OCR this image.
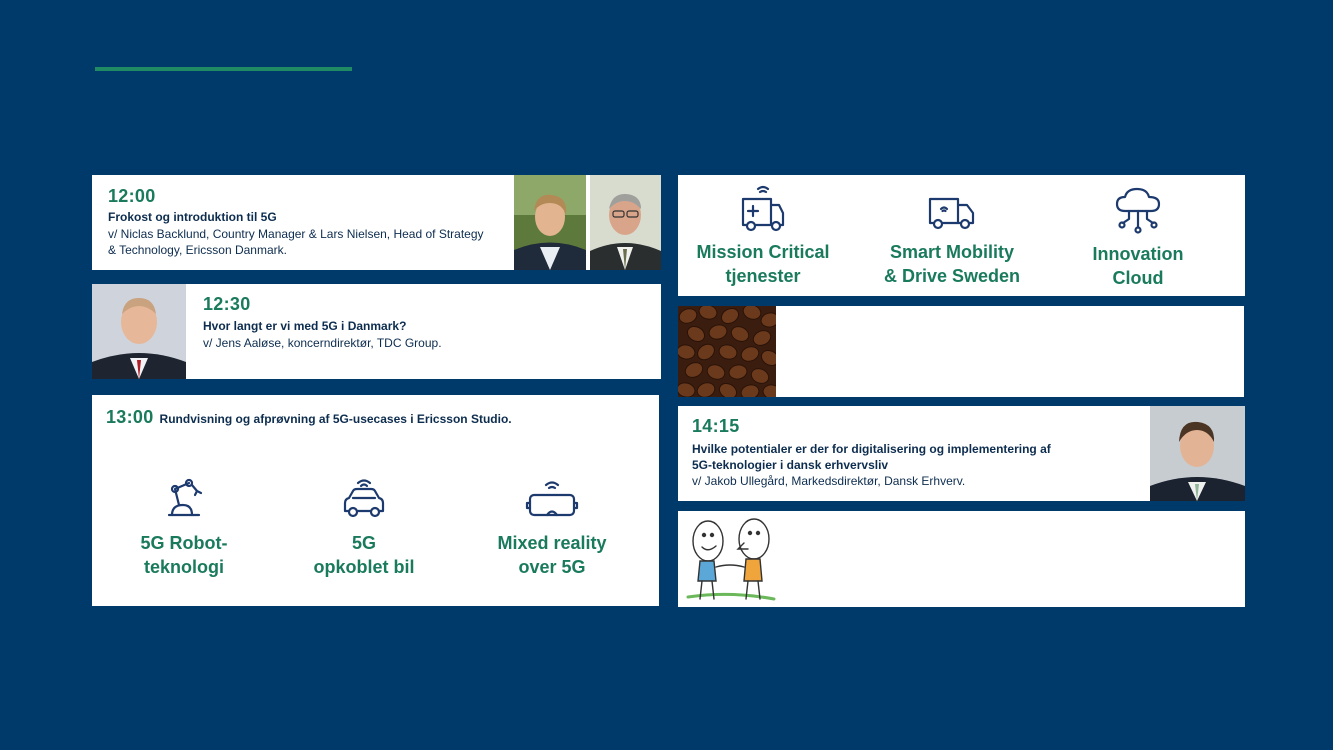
12:00
Frokost og introduktion til 5G
v/ Niclas Backlund, Country Manager & Lars Nielsen, Head of Strategy & Technology, Ericsson Danmark.
12:30
Hvor langt er vi med 5G i Danmark?
v/ Jens Aaløse, koncerndirektør, TDC Group.
13:00 Rundvisning og afprøvning af 5G-usecases i Ericsson Studio.
5G Robot-
teknologi
5G
opkoblet bil
Mixed reality
over 5G
Mission Critical
tjenester
Smart Mobility
& Drive Sweden
Innovation
Cloud
14:15
Hvilke potentialer er der for digitalisering og implementering af
5G-teknologier i dansk erhvervsliv
v/ Jakob Ullegård, Markedsdirektør, Dansk Erhverv.
